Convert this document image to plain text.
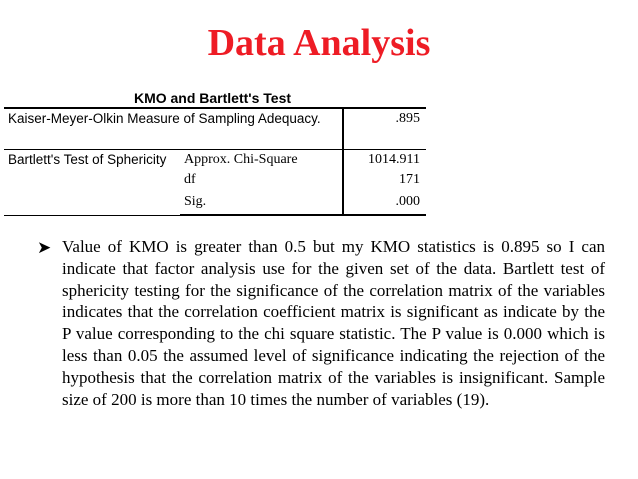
Data Analysis
KMO and Bartlett's Test
Kaiser-Meyer-Olkin Measure of Sampling Adequacy.		.895
Bartlett's Test of Sphericity	Approx. Chi-Square	1014.911
	df	171
	Sig.	.000
➤ Value of KMO is greater than 0.5 but my KMO statistics is 0.895 so I can indicate that factor analysis use for the given set of the data. Bartlett test of sphericity testing for the significance of the correlation matrix of the variables indicates that the correlation coefficient matrix is significant as indicate by the P value corresponding to the chi square statistic. The P value is 0.000 which is less than 0.05 the assumed level of significance indicating the rejection of the hypothesis that the correlation matrix of the variables is insignificant. Sample size of 200 is more than 10 times the number of variables (19).
